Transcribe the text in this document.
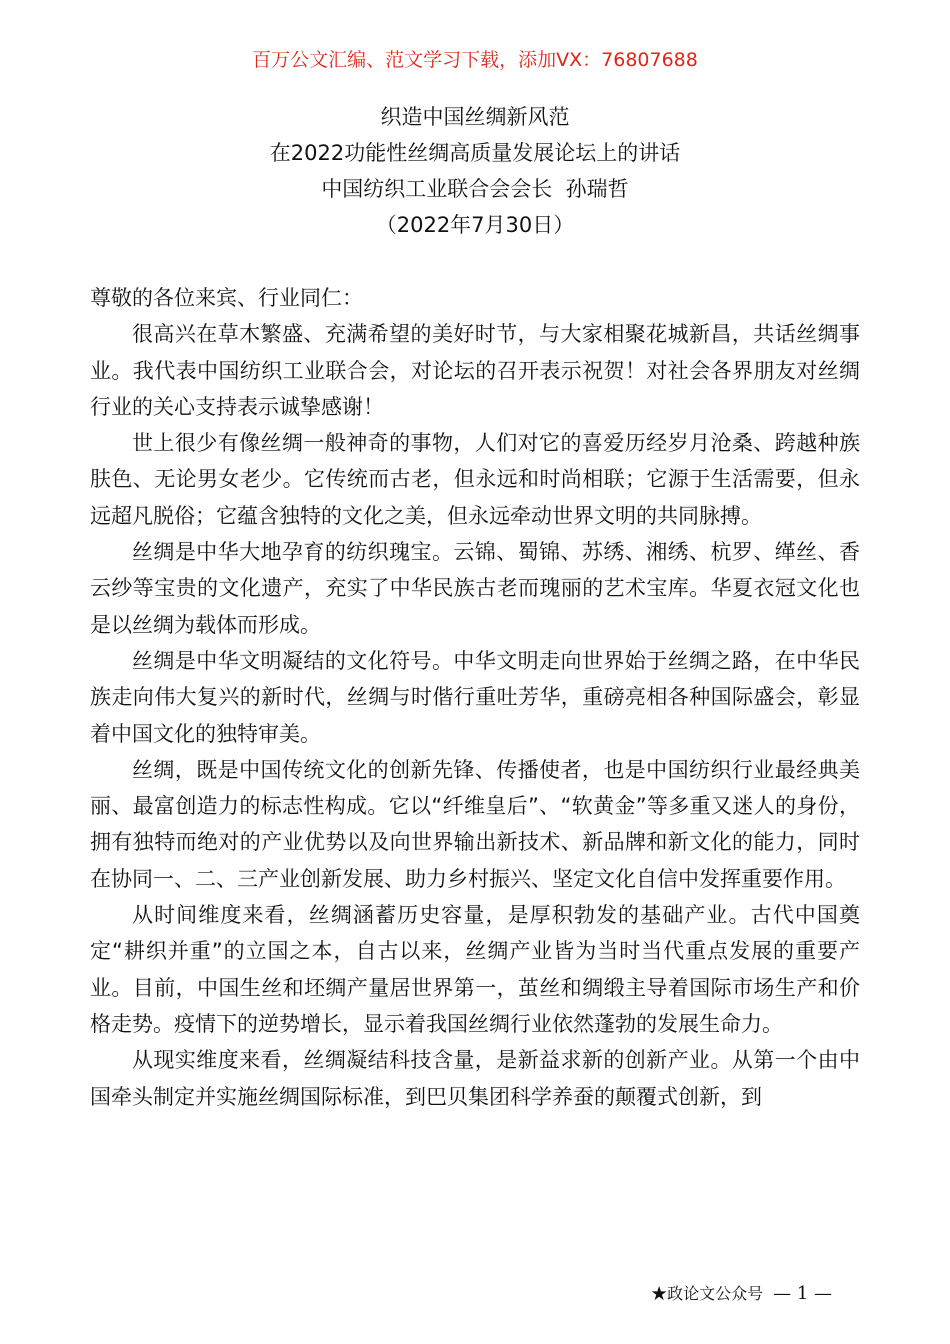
百万公文汇编、范文学习下载，添加VX：76807688
织造中国丝绸新风范
在2022功能性丝绸高质量发展论坛上的讲话
中国纺织工业联合会会长  孙瑞哲
（2022年7月30日）

尊敬的各位来宾、行业同仁：

很高兴在草木繁盛、充满希望的美好时节，与大家相聚花城新昌，共话丝绸事业。我代表中国纺织工业联合会，对论坛的召开表示祝贺！对社会各界朋友对丝绸行业的关心支持表示诚挚感谢！

世上很少有像丝绸一般神奇的事物，人们对它的喜爱历经岁月沧桑、跨越种族肤色、无论男女老少。它传统而古老，但永远和时尚相联；它源于生活需要，但永远超凡脱俗；它蕴含独特的文化之美，但永远牵动世界文明的共同脉搏。

丝绸是中华大地孕育的纺织瑰宝。云锦、蜀锦、苏绣、湘绣、杭罗、缂丝、香云纱等宝贵的文化遗产，充实了中华民族古老而瑰丽的艺术宝库。华夏衣冠文化也是以丝绸为载体而形成。

丝绸是中华文明凝结的文化符号。中华文明走向世界始于丝绸之路，在中华民族走向伟大复兴的新时代，丝绸与时偕行重吐芳华，重磅亮相各种国际盛会，彰显着中国文化的独特审美。

丝绸，既是中国传统文化的创新先锋、传播使者，也是中国纺织行业最经典美丽、最富创造力的标志性构成。它以“纤维皇后”、“软黄金”等多重又迷人的身份，拥有独特而绝对的产业优势以及向世界输出新技术、新品牌和新文化的能力，同时在协同一、二、三产业创新发展、助力乡村振兴、坚定文化自信中发挥重要作用。

从时间维度来看，丝绸涵蓄历史容量，是厚积勃发的基础产业。古代中国奠定“耕织并重”的立国之本，自古以来，丝绸产业皆为当时当代重点发展的重要产业。目前，中国生丝和坯绸产量居世界第一，茧丝和绸缎主导着国际市场生产和价格走势。疫情下的逆势增长，显示着我国丝绸行业依然蓬勃的发展生命力。

从现实维度来看，丝绸凝结科技含量，是新益求新的创新产业。从第一个由中国牵头制定并实施丝绸国际标准，到巴贝集团科学养蚕的颠覆式创新，到

★政论文公众号 — 1 —
